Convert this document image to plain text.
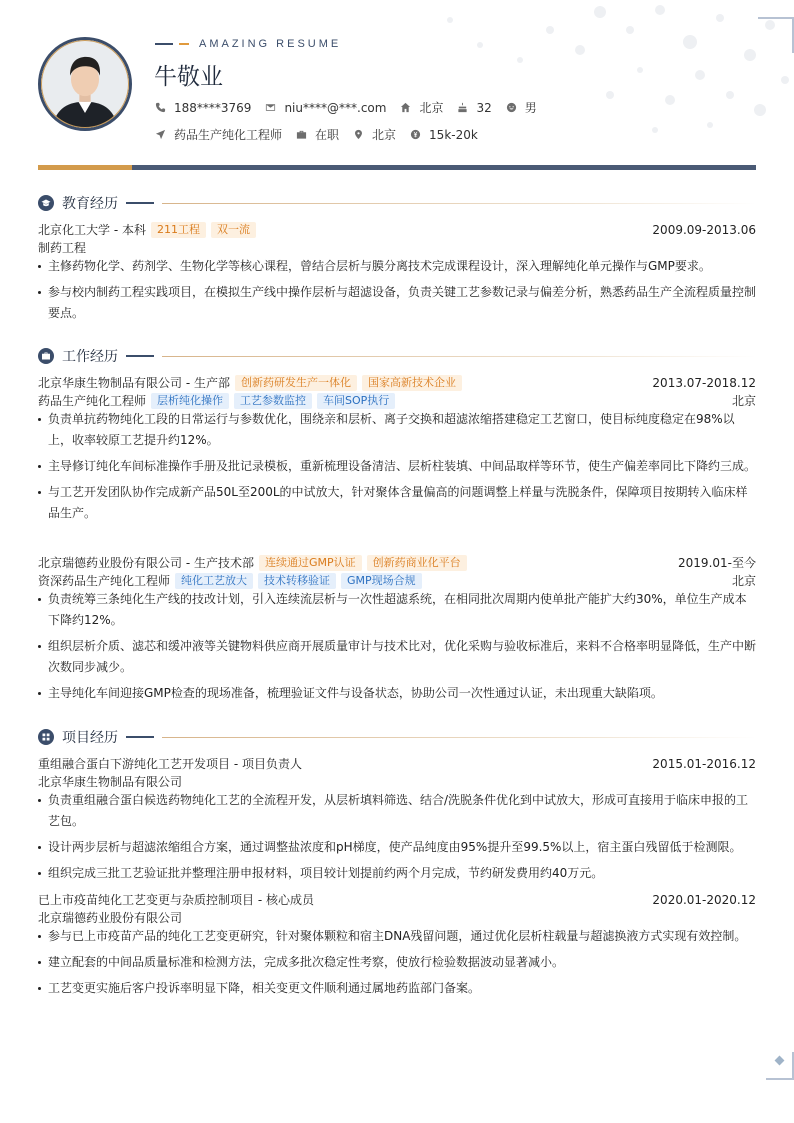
AMAZING RESUME
牛敬业
188****3769	niu****@***.com	北京	32	男
药品生产纯化工程师	在职	北京	15k-20k
教育经历
北京化工大学 - 本科	211工程	双一流	2009.09-2013.06
制药工程
主修药物化学、药剂学、生物化学等核心课程，曾结合层析与膜分离技术完成课程设计，深入理解纯化单元操作与GMP要求。
参与校内制药工程实践项目，在模拟生产线中操作层析与超滤设备，负责关键工艺参数记录与偏差分析，熟悉药品生产全流程质量控制要点。
工作经历
北京华康生物制品有限公司 - 生产部	创新药研发生产一体化	国家高新技术企业	2013.07-2018.12
药品生产纯化工程师	层析纯化操作	工艺参数监控	车间SOP执行	北京
负责单抗药物纯化工段的日常运行与参数优化，围绕亲和层析、离子交换和超滤浓缩搭建稳定工艺窗口，使目标纯度稳定在98%以上，收率较原工艺提升约12%。
主导修订纯化车间标准操作手册及批记录模板，重新梳理设备清洁、层析柱装填、中间品取样等环节，使生产偏差率同比下降约三成。
与工艺开发团队协作完成新产品50L至200L的中试放大，针对聚体含量偏高的问题调整上样量与洗脱条件，保障项目按期转入临床样品生产。
北京瑞德药业股份有限公司 - 生产技术部	连续通过GMP认证	创新药商业化平台	2019.01-至今
资深药品生产纯化工程师	纯化工艺放大	技术转移验证	GMP现场合规	北京
负责统筹三条纯化生产线的技改计划，引入连续流层析与一次性超滤系统，在相同批次周期内使单批产能扩大约30%，单位生产成本下降约12%。
组织层析介质、滤芯和缓冲液等关键物料供应商开展质量审计与技术比对，优化采购与验收标准后，来料不合格率明显降低，生产中断次数同步减少。
主导纯化车间迎接GMP检查的现场准备，梳理验证文件与设备状态，协助公司一次性通过认证，未出现重大缺陷项。
项目经历
重组融合蛋白下游纯化工艺开发项目 - 项目负责人	2015.01-2016.12
北京华康生物制品有限公司
负责重组融合蛋白候选药物纯化工艺的全流程开发，从层析填料筛选、结合/洗脱条件优化到中试放大，形成可直接用于临床申报的工艺包。
设计两步层析与超滤浓缩组合方案，通过调整盐浓度和pH梯度，使产品纯度由95%提升至99.5%以上，宿主蛋白残留低于检测限。
组织完成三批工艺验证批并整理注册申报材料，项目较计划提前约两个月完成，节约研发费用约40万元。
已上市疫苗纯化工艺变更与杂质控制项目 - 核心成员	2020.01-2020.12
北京瑞德药业股份有限公司
参与已上市疫苗产品的纯化工艺变更研究，针对聚体颗粒和宿主DNA残留问题，通过优化层析柱载量与超滤换液方式实现有效控制。
建立配套的中间品质量标准和检测方法，完成多批次稳定性考察，使放行检验数据波动显著减小。
工艺变更实施后客户投诉率明显下降，相关变更文件顺利通过属地药监部门备案。
